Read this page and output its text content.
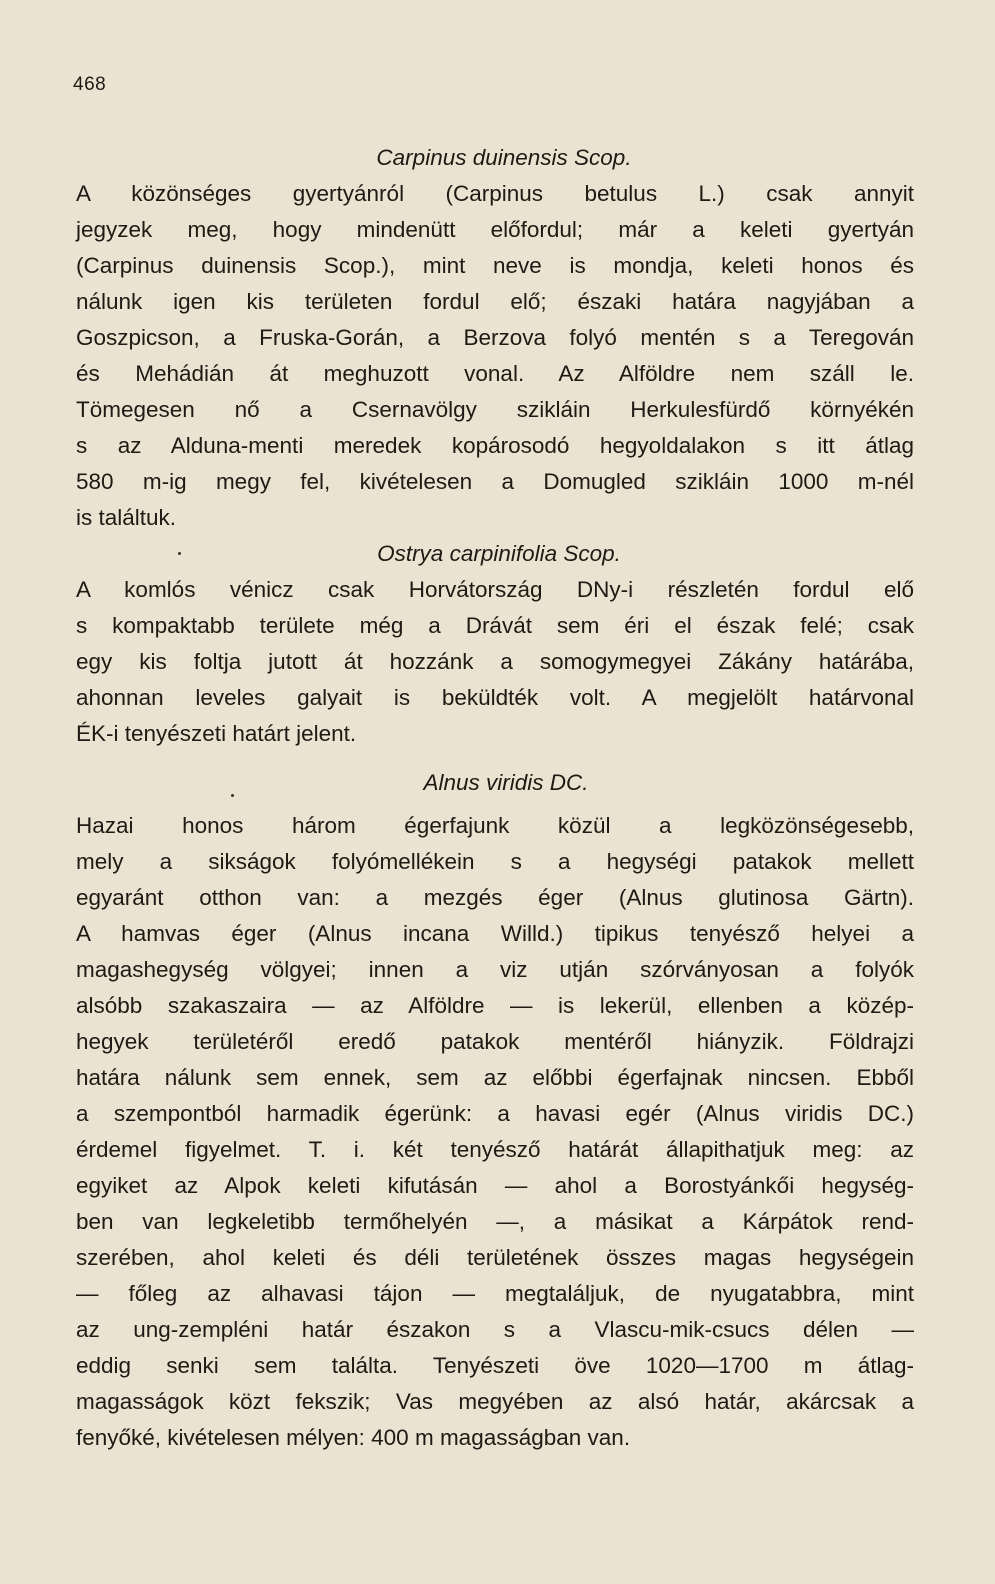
468
Carpinus duinensis Scop.
A közönséges gyertyánról (Carpinus betulus L.) csak annyit
jegyzek meg, hogy mindenütt előfordul; már a keleti gyertyán
(Carpinus duinensis Scop.), mint neve is mondja, keleti honos és
nálunk igen kis területen fordul elő; északi határa nagyjában a
Goszpicson, a Fruska-Gorán, a Berzova folyó mentén s a Teregován
és Mehádián át meghuzott vonal. Az Alföldre nem száll le.
Tömegesen nő a Csernavölgy szikláin Herkulesfürdő környékén
s az Alduna-menti meredek kopárosodó hegyoldalakon s itt átlag
580 m-ig megy fel, kivételesen a Domugled szikláin 1000 m-nél
is találtuk.
Ostrya carpinifolia Scop.
A komlós vénicz csak Horvátország DNy-i részletén fordul elő
s kompaktabb területe még a Drávát sem éri el észak felé; csak
egy kis foltja jutott át hozzánk a somogymegyei Zákány határába,
ahonnan leveles galyait is beküldték volt. A megjelölt határvonal
ÉK-i tenyészeti határt jelent.
Alnus viridis DC.
Hazai honos három égerfajunk közül a legközönségesebb,
mely a sikságok folyómellékein s a hegységi patakok mellett
egyaránt otthon van: a mezgés éger (Alnus glutinosa Gärtn).
A hamvas éger (Alnus incana Willd.) tipikus tenyésző helyei a
magashegység völgyei; innen a viz utján szórványosan a folyók
alsóbb szakaszaira — az Alföldre — is lekerül, ellenben a közép-
hegyek területéről eredő patakok mentéről hiányzik. Földrajzi
határa nálunk sem ennek, sem az előbbi égerfajnak nincsen. Ebből
a szempontból harmadik égerünk: a havasi egér (Alnus viridis DC.)
érdemel figyelmet. T. i. két tenyésző határát állapithatjuk meg: az
egyiket az Alpok keleti kifutásán — ahol a Borostyánkői hegység-
ben van legkeletibb termőhelyén —, a másikat a Kárpátok rend-
szerében, ahol keleti és déli területének összes magas hegységein
— főleg az alhavasi tájon — megtaláljuk, de nyugatabbra, mint
az ung-zempléni határ északon s a Vlascu-mik-csucs délen —
eddig senki sem találta. Tenyészeti öve 1020—1700 m átlag-
magasságok közt fekszik; Vas megyében az alsó határ, akárcsak a
fenyőké, kivételesen mélyen: 400 m magasságban van.
